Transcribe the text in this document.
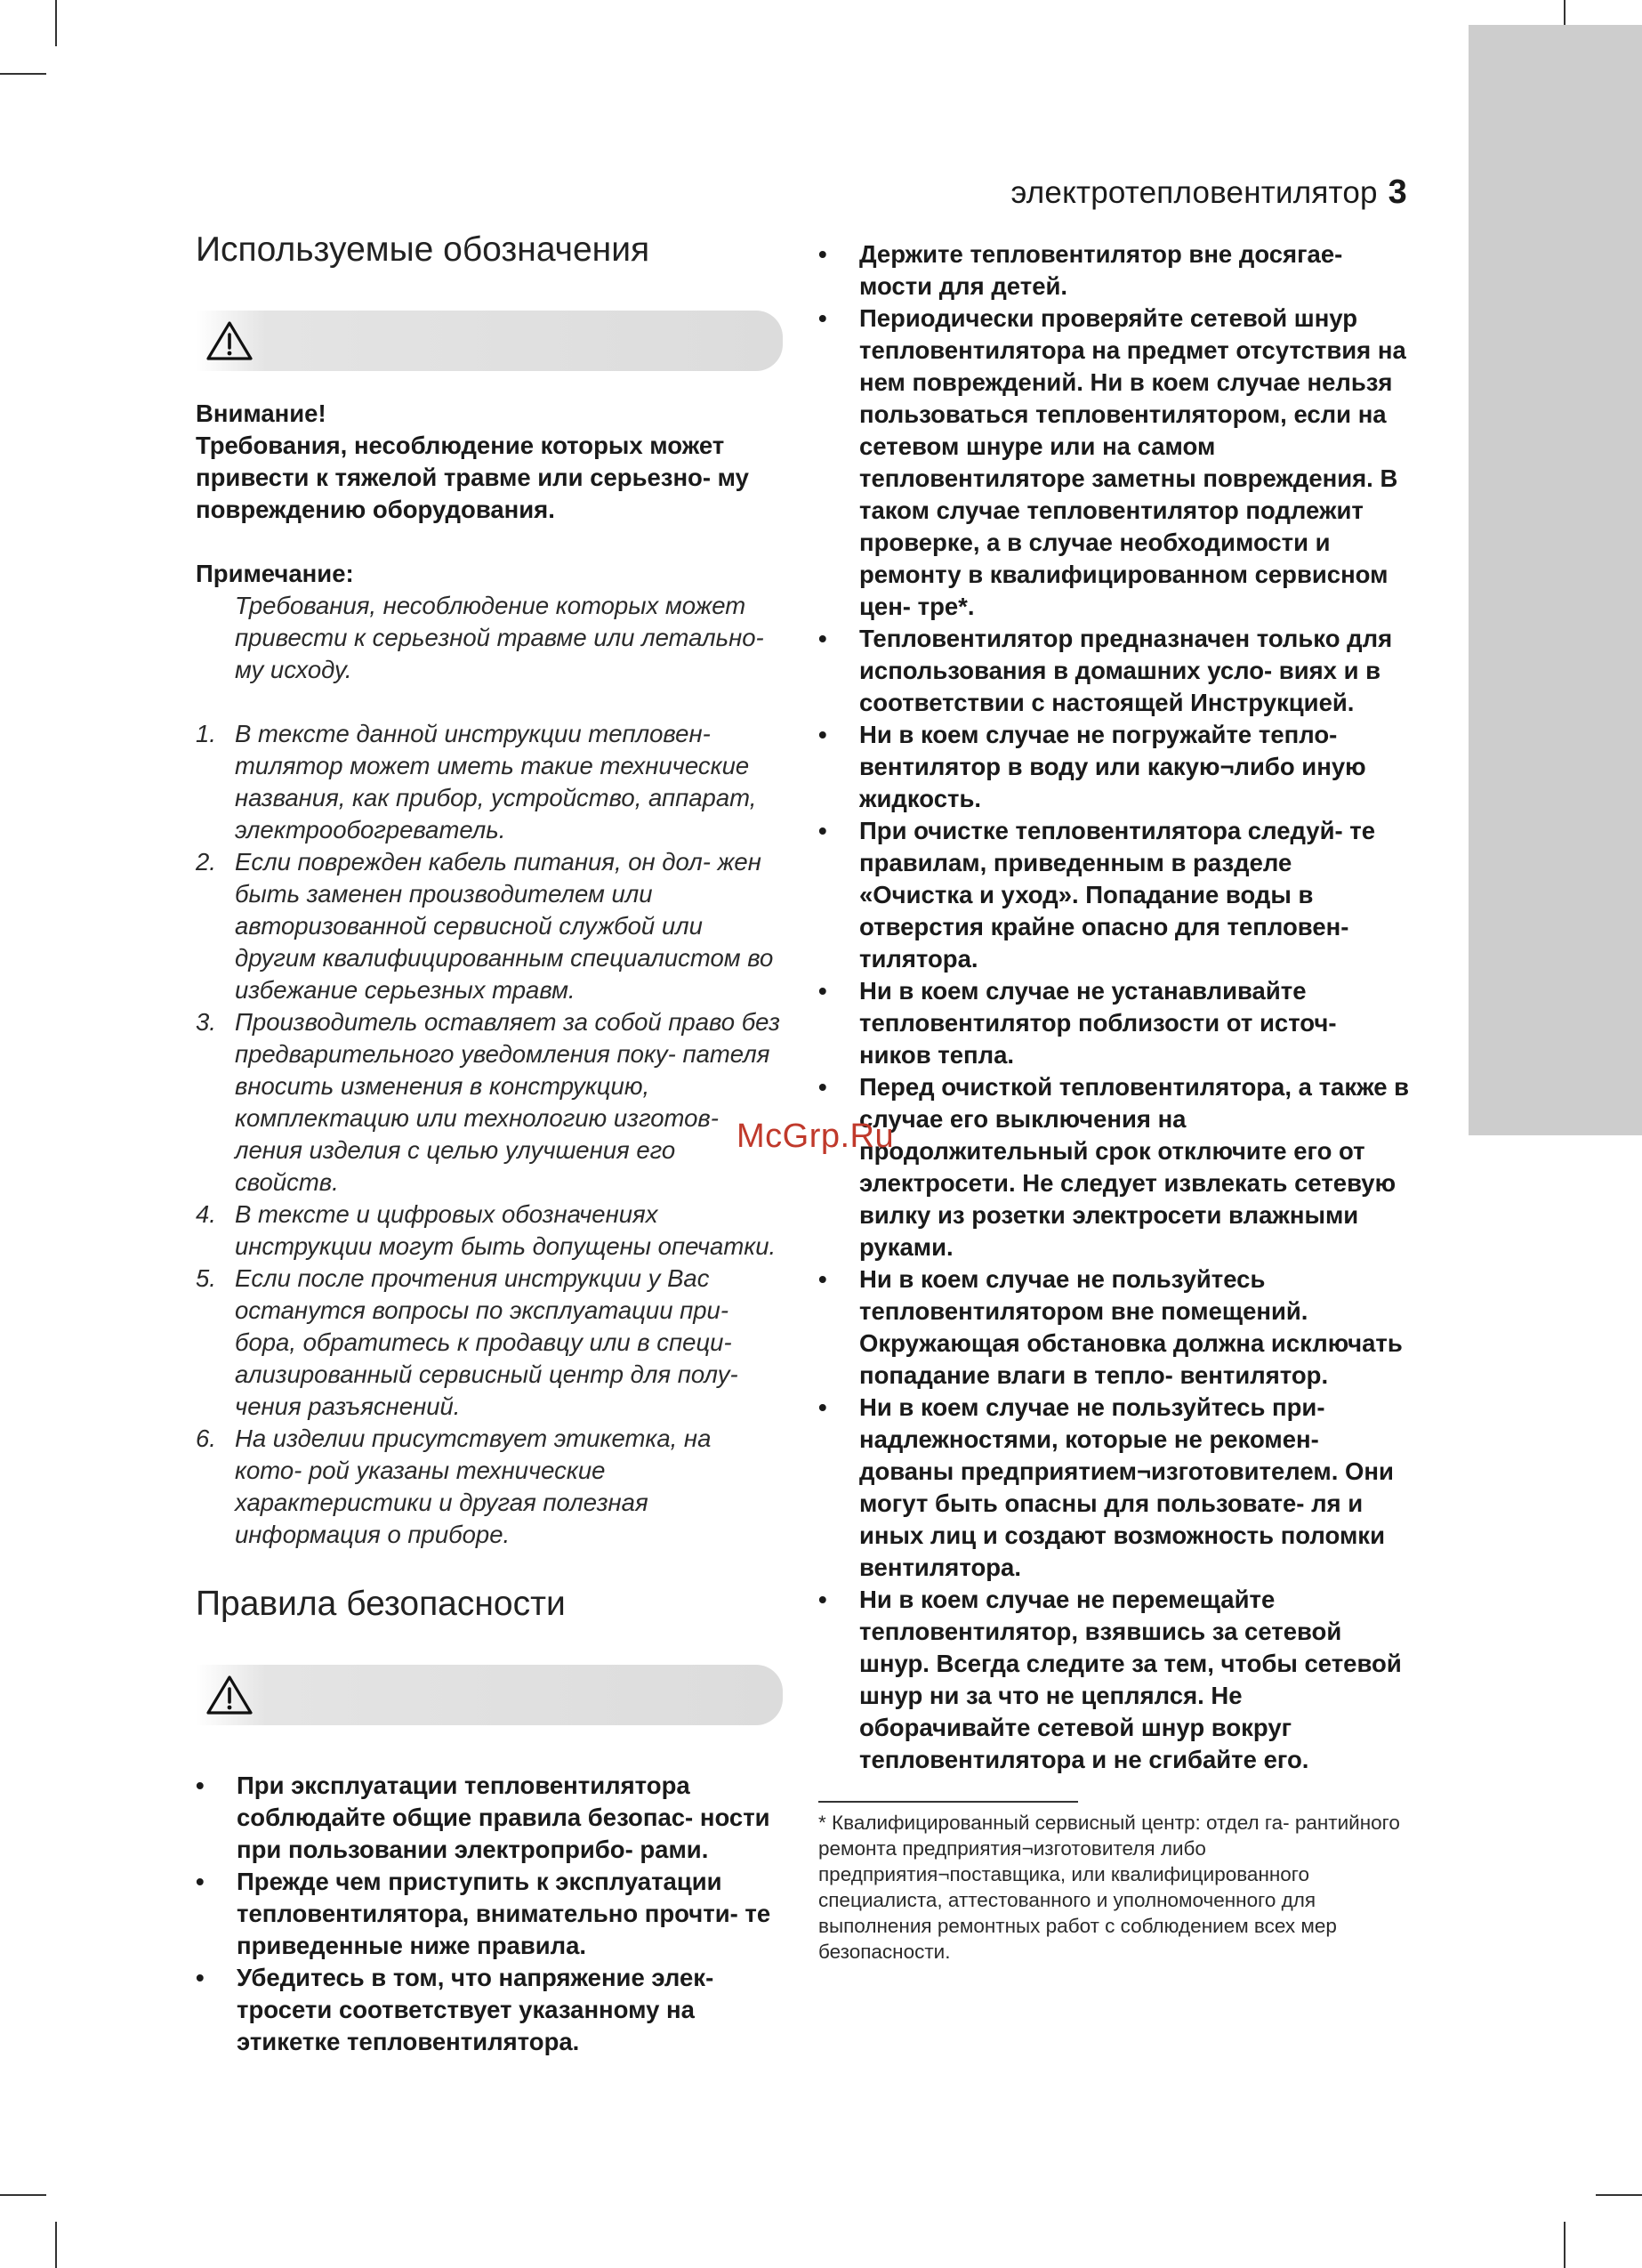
электротепловентилятор 3
Используемые обозначения

Внимание!

Требования, несоблюдение которых может привести к тяжелой травме или серьезно- му повреждению оборудования.

Примечание:

Требования, несоблюдение которых может привести к серьезной травме или летально- му исходу.

1. В тексте данной инструкции тепловен- тилятор может иметь такие технические названия, как прибор, устройство, аппарат, электрообогреватель.
2. Если поврежден кабель питания, он дол- жен быть заменен производителем или авторизованной сервисной службой или другим квалифицированным специалистом во избежание серьезных травм.
3. Производитель оставляет за собой право без предварительного уведомления поку- пателя вносить изменения в конструкцию, комплектацию или технологию изготов- ления изделия с целью улучшения его свойств.
4. В тексте и цифровых обозначениях инструкции могут быть допущены опечатки.
5. Если после прочтения инструкции у Вас останутся вопросы по эксплуатации при- бора, обратитесь к продавцу или в специ- ализированный сервисный центр для полу- чения разъяснений.
6. На изделии присутствует этикетка, на кото- рой указаны технические характеристики и другая полезная информация о приборе.
Правила безопасности
• При эксплуатации тепловентилятора соблюдайте общие правила безопас- ности при пользовании электроприбо- рами.
• Прежде чем приступить к эксплуатации тепловентилятора, внимательно прочти- те приведенные ниже правила.
• Убедитесь в том, что напряжение элек- тросети соответствует указанному на этикетке тепловентилятора.
• Держите тепловентилятор вне досягае- мости для детей.
• Периодически проверяйте сетевой шнур тепловентилятора на предмет отсутствия на нем повреждений. Ни в коем случае нельзя пользоваться тепловентилятором, если на сетевом шнуре или на самом тепловентиляторе заметны повреждения. В таком случае тепловентилятор подлежит проверке, а в случае необходимости и ремонту в квалифицированном сервисном цен- тре*.
• Тепловентилятор предназначен только для использования в домашних усло- виях и в соответствии с настоящей Инструкцией.
• Ни в коем случае не погружайте тепло- вентилятор в воду или какую¬либо иную жидкость.
• При очистке тепловентилятора следуй- те правилам, приведенным в разделе «Очистка и уход». Попадание воды в отверстия крайне опасно для тепловен- тилятора.
• Ни в коем случае не устанавливайте тепловентилятор поблизости от источ- ников тепла.
• Перед очисткой тепловентилятора, а также в случае его выключения на продолжительный срок отключите его от электросети. Не следует извлекать сетевую вилку из розетки электросети влажными руками.
• Ни в коем случае не пользуйтесь тепловентилятором вне помещений. Окружающая обстановка должна исключать попадание влаги в тепло- вентилятор.
• Ни в коем случае не пользуйтесь при- надлежностями, которые не рекомен- дованы предприятием¬изготовителем. Они могут быть опасны для пользовате- ля и иных лиц и создают возможность поломки вентилятора.
• Ни в коем случае не перемещайте тепловентилятор, взявшись за сетевой шнур. Всегда следите за тем, чтобы сетевой шнур ни за что не цеплялся. Не оборачивайте сетевой шнур вокруг тепловентилятора и не сгибайте его.
* Квалифицированный сервисный центр: отдел га- рантийного ремонта предприятия¬изготовителя либо предприятия¬поставщика, или квалифицированного специалиста, аттестованного и уполномоченного для выполнения ремонтных работ с соблюдением всех мер безопасности.
McGrp.Ru
